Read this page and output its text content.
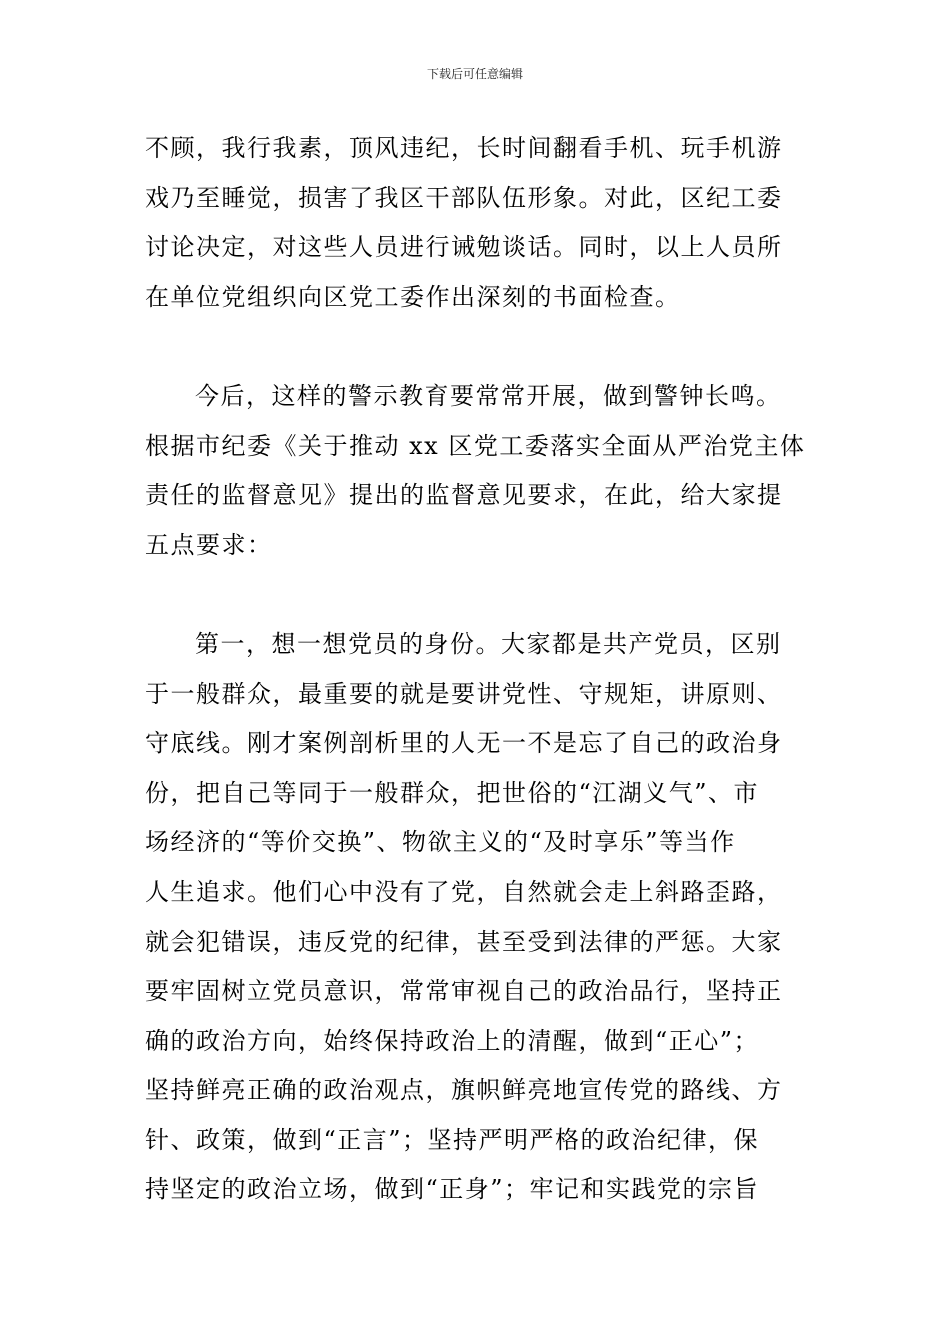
下载后可任意编辑
不顾，我行我素，顶风违纪，长时间翻看手机、玩手机游
戏乃至睡觉，损害了我区干部队伍形象。对此，区纪工委
讨论决定，对这些人员进行诫勉谈话。同时，以上人员所
在单位党组织向区党工委作出深刻的书面检查。
今后，这样的警示教育要常常开展，做到警钟长鸣。
根据市纪委《关于推动 xx 区党工委落实全面从严治党主体
责任的监督意见》提出的监督意见要求，在此，给大家提
五点要求：
第一，想一想党员的身份。大家都是共产党员，区别
于一般群众，最重要的就是要讲党性、守规矩，讲原则、
守底线。刚才案例剖析里的人无一不是忘了自己的政治身
份，把自己等同于一般群众，把世俗的“江湖义气”、市
场经济的“等价交换”、物欲主义的“及时享乐”等当作
人生追求。他们心中没有了党，自然就会走上斜路歪路，
就会犯错误，违反党的纪律，甚至受到法律的严惩。大家
要牢固树立党员意识，常常审视自己的政治品行，坚持正
确的政治方向，始终保持政治上的清醒，做到“正心”；
坚持鲜亮正确的政治观点，旗帜鲜亮地宣传党的路线、方
针、政策，做到“正言”；坚持严明严格的政治纪律，保
持坚定的政治立场，做到“正身”；牢记和实践党的宗旨
